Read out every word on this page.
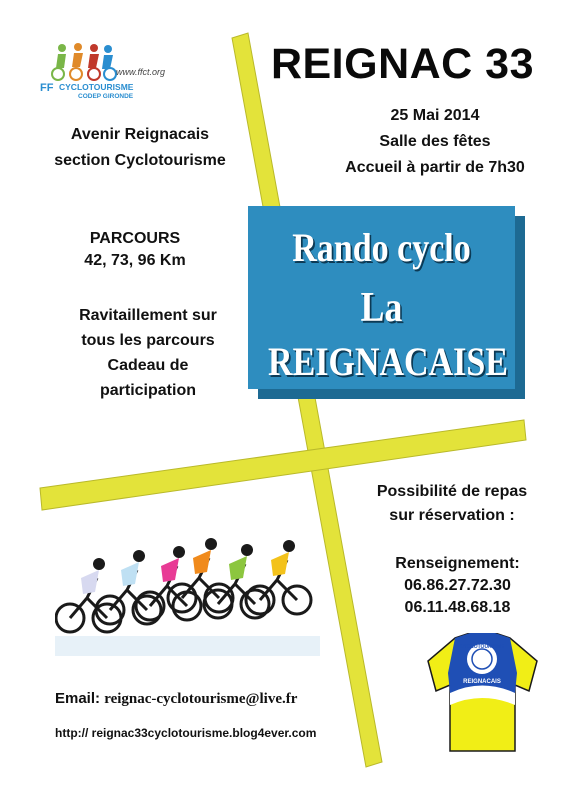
www.ffct.org
FF CYCLOTOURISME
CODEP GIRONDE
REIGNAC 33
25 Mai 2014
Salle des fêtes
Accueil à partir de 7h30
Avenir Reignacais
section Cyclotourisme
PARCOURS
42, 73, 96 Km
Ravitaillement sur
tous les parcours
Cadeau de
participation
Rando cyclo
La
REIGNACAISE
Possibilité de repas
sur réservation :
Renseignement:
06.86.27.72.30
06.11.48.68.18
CYCLOTOURISME
REIGNACAIS
Email: reignac-cyclotourisme@live.fr
http:// reignac33cyclotourisme.blog4ever.com
